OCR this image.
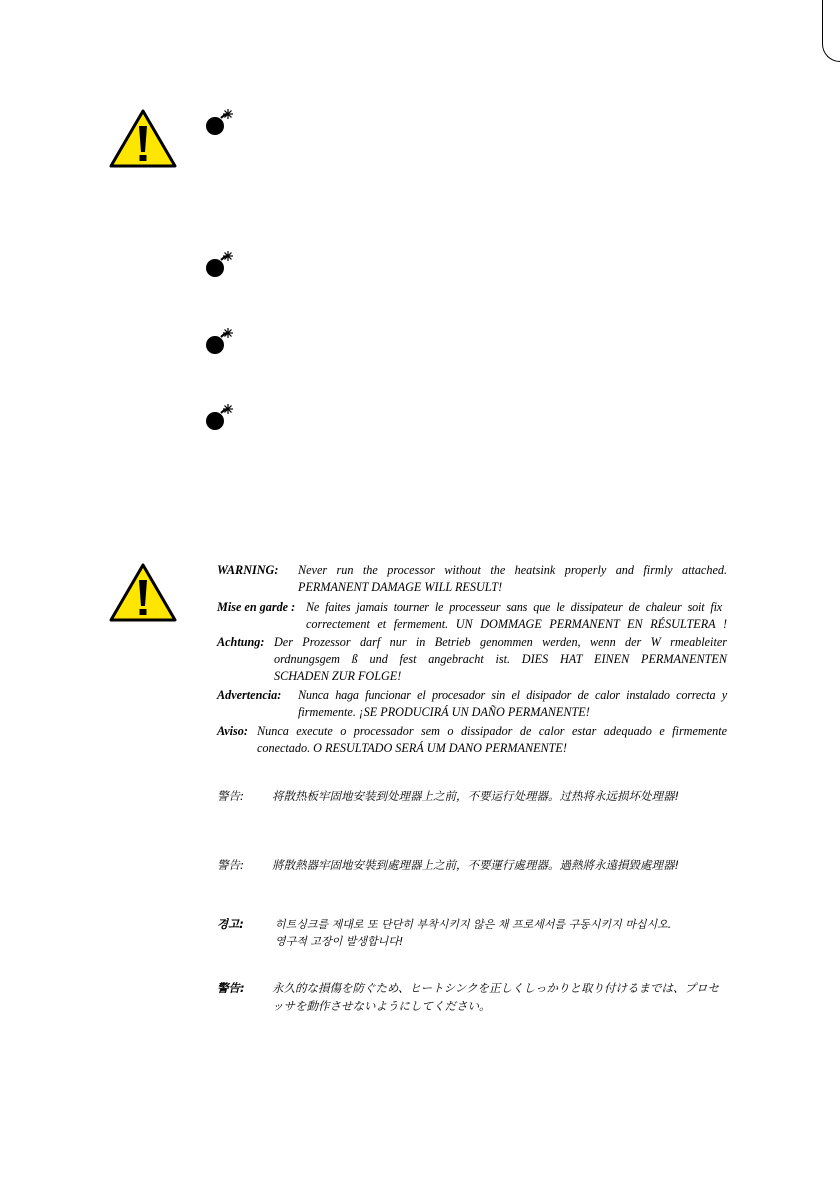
WARNING: Never run the processor without the heatsink properly and firmly attached.
PERMANENT DAMAGE WILL RESULT!
Mise en garde : Ne faites jamais tourner le processeur sans que le dissipateur de chaleur soit fix
correctement et fermement. UN DOMMAGE PERMANENT EN RÉSULTERA !
Achtung: Der Prozessor darf nur in Betrieb genommen werden, wenn der W rmeableiter
ordnungsgem ß und fest angebracht ist. DIES HAT EINEN PERMANENTEN
SCHADEN ZUR FOLGE!
Advertencia: Nunca haga funcionar el procesador sin el disipador de calor instalado correcta y
firmemente. ¡SE PRODUCIRÁ UN DAÑO PERMANENTE!
Aviso: Nunca execute o processador sem o dissipador de calor estar adequado e firmemente
conectado. O RESULTADO SERÁ UM DANO PERMANENTE!
警告: 将散热板牢固地安装到处理器上之前，不要运行处理器。过热将永远损坏处理器!
警告: 將散熱器牢固地安裝到處理器上之前，不要運行處理器。過熱將永遠損毀處理器!
경고:	히트싱크를 제대로 또 단단히 부착시키지 않은 채 프로세서를 구동시키지 마십시오.
영구적 고장이 발생합니다!
警告: 永久的な損傷を防ぐため、ヒートシンクを正しくしっかりと取り付けるまでは、プロセ
ッサを動作させないようにしてください。
